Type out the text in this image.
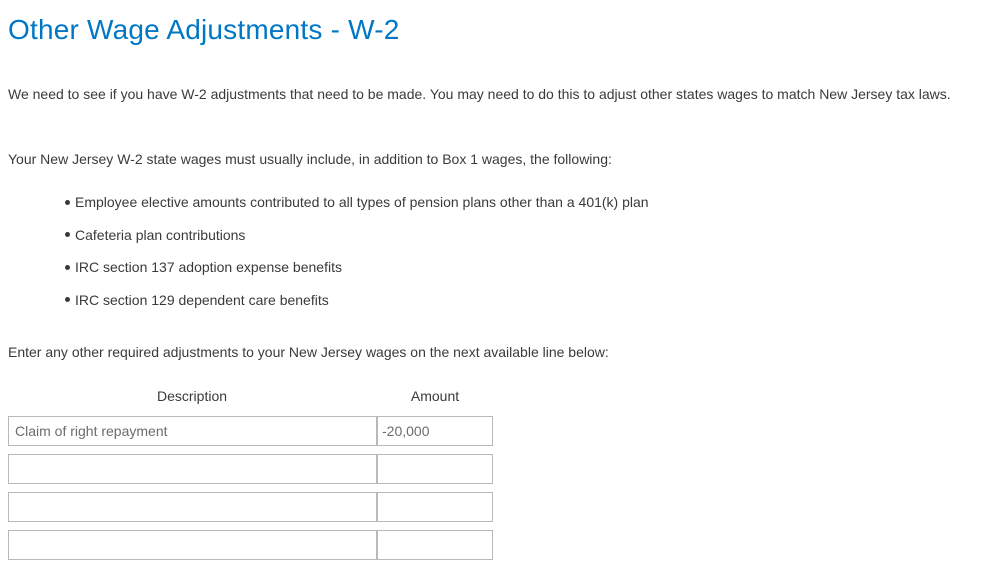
Other Wage Adjustments - W-2

We need to see if you have W-2 adjustments that need to be made. You may need to do this to adjust other states wages to match New Jersey tax laws.

Your New Jersey W-2 state wages must usually include, in addition to Box 1 wages, the following:

Employee elective amounts contributed to all types of pension plans other than a 401(k) plan
Cafeteria plan contributions
IRC section 137 adoption expense benefits
IRC section 129 dependent care benefits

Enter any other required adjustments to your New Jersey wages on the next available line below:

Description	Amount
Claim of right repayment
-20,000
